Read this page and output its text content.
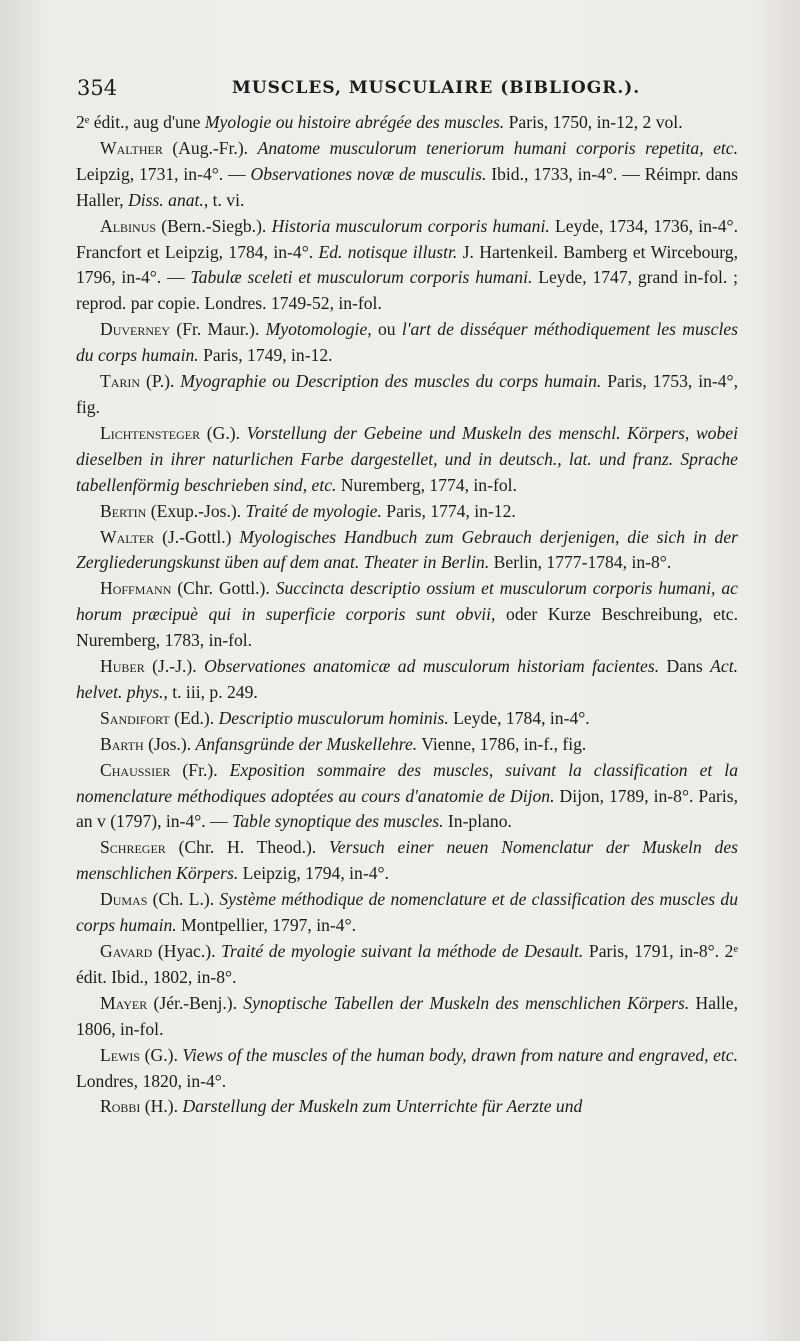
354	MUSCLES, MUSCULAIRE (BIBLIOGR.).

2ᵉ édit., aug d'une Myologie ou histoire abrégée des muscles. Paris, 1750, in-12, 2 vol.

Walther (Aug.-Fr.). Anatome musculorum teneriorum humani corporis repetita, etc. Leipzig, 1731, in-4°. — Observationes novæ de musculis. Ibid., 1733, in-4°. — Réimpr. dans Haller, Diss. anat., t. vi.

Albinus (Bern.-Siegb.). Historia musculorum corporis humani. Leyde, 1734, 1736, in-4°. Francfort et Leipzig, 1784, in-4°. Ed. notisque illustr. J. Hartenkeil. Bamberg et Wircebourg, 1796, in-4°. — Tabulæ sceleti et musculorum corporis humani. Leyde, 1747, grand in-fol. ; reprod. par copie. Londres. 1749-52, in-fol.

Duverney (Fr. Maur.). Myotomologie, ou l'art de disséquer méthodiquement les muscles du corps humain. Paris, 1749, in-12.

Tarin (P.). Myographie ou Description des muscles du corps humain. Paris, 1753, in-4°, fig.

Lichtensteger (G.). Vorstellung der Gebeine und Muskeln des menschl. Körpers, wobei dieselben in ihrer naturlichen Farbe dargestellet, und in deutsch., lat. und franz. Sprache tabellenförmig beschrieben sind, etc. Nuremberg, 1774, in-fol.

Bertin (Exup.-Jos.). Traité de myologie. Paris, 1774, in-12.

Walter (J.-Gottl.) Myologisches Handbuch zum Gebrauch derjenigen, die sich in der Zergliederungskunst üben auf dem anat. Theater in Berlin. Berlin, 1777-1784, in-8°.

Hoffmann (Chr. Gottl.). Succincta descriptio ossium et musculorum corporis humani, ac horum præcipuè qui in superficie corporis sunt obvii, oder Kurze Beschreibung, etc. Nuremberg, 1783, in-fol.

Huber (J.-J.). Observationes anatomicæ ad musculorum historiam facientes. Dans Act. helvet. phys., t. iii, p. 249.

Sandifort (Ed.). Descriptio musculorum hominis. Leyde, 1784, in-4°.

Barth (Jos.). Anfansgründe der Muskellehre. Vienne, 1786, in-f., fig.

Chaussier (Fr.). Exposition sommaire des muscles, suivant la classification et la nomenclature méthodiques adoptées au cours d'anatomie de Dijon. Dijon, 1789, in-8°. Paris, an v (1797), in-4°. — Table synoptique des muscles. In-plano.

Schreger (Chr. H. Theod.). Versuch einer neuen Nomenclatur der Muskeln des menschlichen Körpers. Leipzig, 1794, in-4°.

Dumas (Ch. L.). Système méthodique de nomenclature et de classification des muscles du corps humain. Montpellier, 1797, in-4°.

Gavard (Hyac.). Traité de myologie suivant la méthode de Desault. Paris, 1791, in-8°. 2ᵉ édit. Ibid., 1802, in-8°.

Mayer (Jér.-Benj.). Synoptische Tabellen der Muskeln des menschlichen Körpers. Halle, 1806, in-fol.

Lewis (G.). Views of the muscles of the human body, drawn from nature and engraved, etc. Londres, 1820, in-4°.

Robbi (H.). Darstellung der Muskeln zum Unterrichte für Aerzte und
